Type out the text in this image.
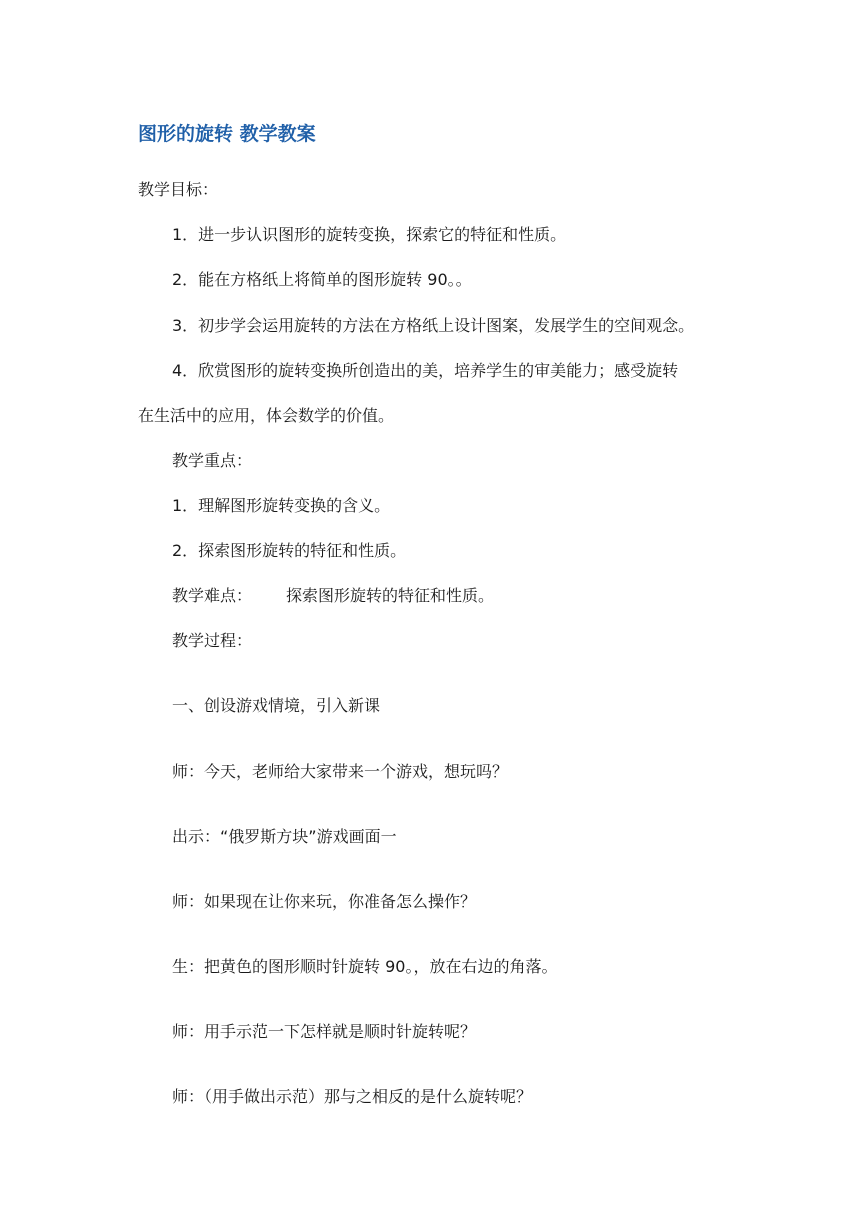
图形的旋转 教学教案
教学目标：
1．进一步认识图形的旋转变换，探索它的特征和性质。
2．能在方格纸上将简单的图形旋转 90。。
3．初步学会运用旋转的方法在方格纸上设计图案，发展学生的空间观念。
4．欣赏图形的旋转变换所创造出的美，培养学生的审美能力；感受旋转
在生活中的应用，体会数学的价值。
教学重点：
1．理解图形旋转变换的含义。
2．探索图形旋转的特征和性质。
教学难点： 探索图形旋转的特征和性质。
教学过程：
一、创设游戏情境，引入新课
师：今天，老师给大家带来一个游戏，想玩吗？
出示：“俄罗斯方块”游戏画面一
师：如果现在让你来玩，你准备怎么操作？
生：把黄色的图形顺时针旋转 90。，放在右边的角落。
师：用手示范一下怎样就是顺时针旋转呢？
师：（用手做出示范）那与之相反的是什么旋转呢？
